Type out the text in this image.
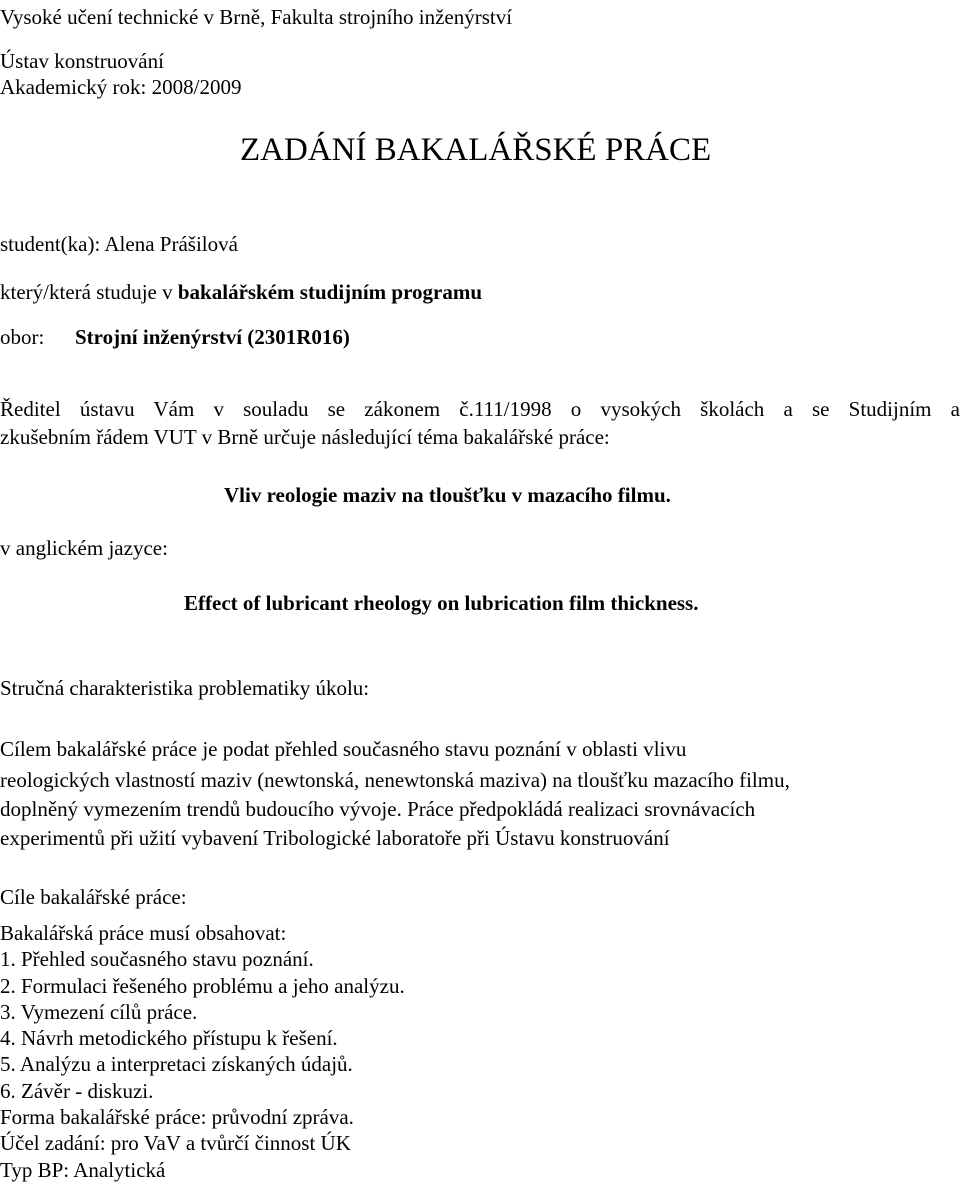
Vysoké učení technické v Brně, Fakulta strojního inženýrství
Ústav konstruování
Akademický rok: 2008/2009
ZADÁNÍ BAKALÁŘSKÉ PRÁCE
student(ka): Alena Prášilová
který/která studuje v bakalářském studijním programu
obor: Strojní inženýrství (2301R016)
Ředitel ústavu Vám v souladu se zákonem č.111/1998 o vysokých školách a se Studijním a
zkušebním řádem VUT v Brně určuje následující téma bakalářské práce:
Vliv reologie maziv na tloušťku v mazacího filmu.
v anglickém jazyce:
Effect of lubricant rheology on lubrication film thickness.
Stručná charakteristika problematiky úkolu:
Cílem bakalářské práce je podat přehled současného stavu poznání v oblasti vlivu
reologických vlastností maziv (newtonská, nenewtonská maziva) na tloušťku mazacího filmu,
doplněný vymezením trendů budoucího vývoje. Práce předpokládá realizaci srovnávacích
experimentů při užití vybavení Tribologické laboratoře při Ústavu konstruování
Cíle bakalářské práce:
Bakalářská práce musí obsahovat:
1. Přehled současného stavu poznání.
2. Formulaci řešeného problému a jeho analýzu.
3. Vymezení cílů práce.
4. Návrh metodického přístupu k řešení.
5. Analýzu a interpretaci získaných údajů.
6. Závěr - diskuzi.
Forma bakalářské práce: průvodní zpráva.
Účel zadání: pro VaV a tvůrčí činnost ÚK
Typ BP: Analytická
